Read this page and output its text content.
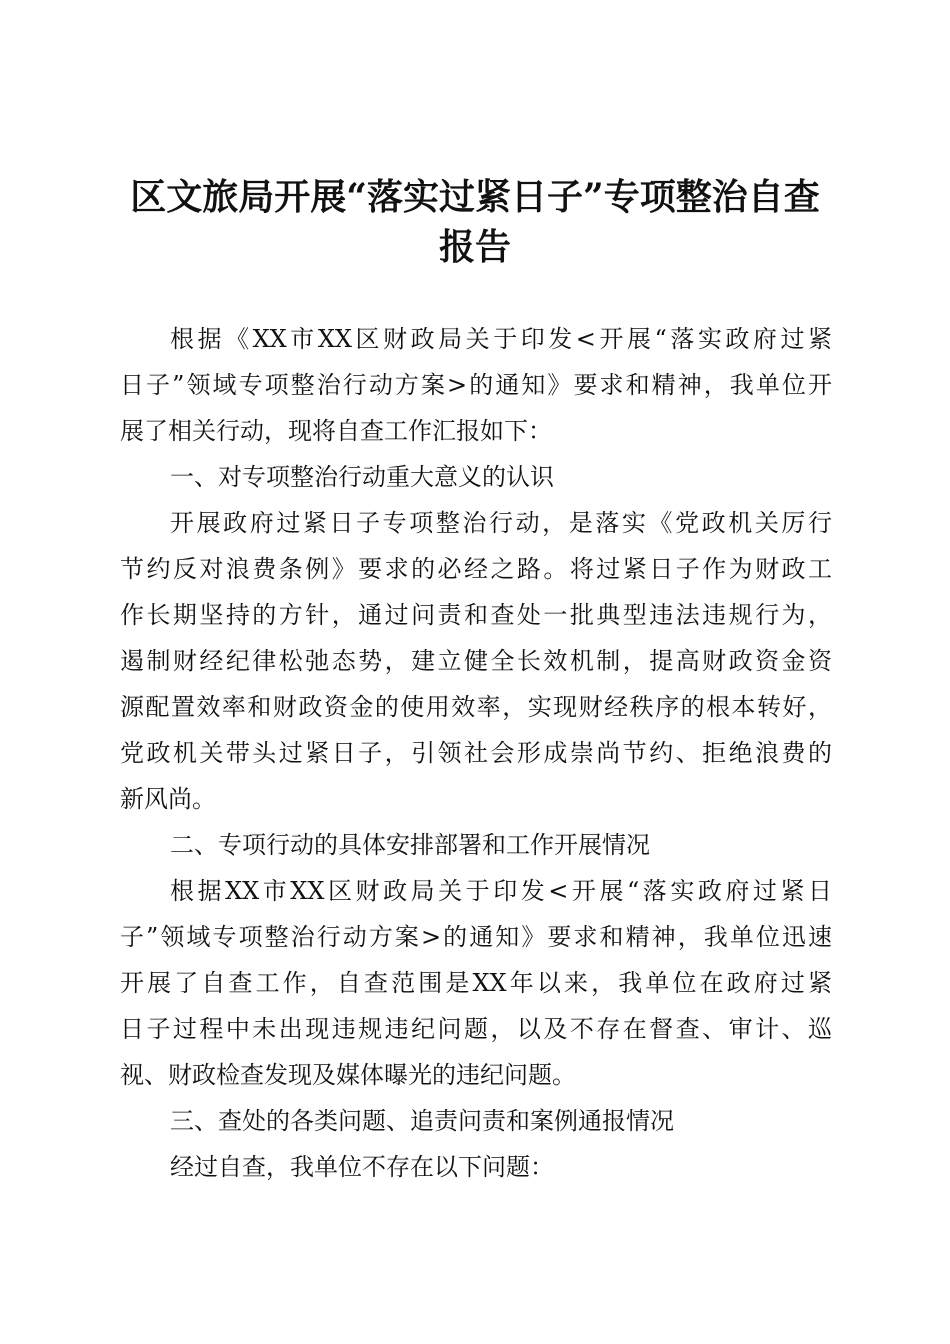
区文旅局开展“落实过紧日子”专项整治自查
报告
根据《XX市XX区财政局关于印发<开展“落实政府过紧
日子”领域专项整治行动方案>的通知》要求和精神，我单位开
展了相关行动，现将自查工作汇报如下：
一、对专项整治行动重大意义的认识
开展政府过紧日子专项整治行动，是落实《党政机关厉行
节约反对浪费条例》要求的必经之路。将过紧日子作为财政工
作长期坚持的方针，通过问责和查处一批典型违法违规行为，
遏制财经纪律松弛态势，建立健全长效机制，提高财政资金资
源配置效率和财政资金的使用效率，实现财经秩序的根本转好，
党政机关带头过紧日子，引领社会形成崇尚节约、拒绝浪费的
新风尚。
二、专项行动的具体安排部署和工作开展情况
根据XX市XX区财政局关于印发<开展“落实政府过紧日
子”领域专项整治行动方案>的通知》要求和精神，我单位迅速
开展了自查工作，自查范围是XX年以来，我单位在政府过紧
日子过程中未出现违规违纪问题，以及不存在督查、审计、巡
视、财政检查发现及媒体曝光的违纪问题。
三、查处的各类问题、追责问责和案例通报情况
经过自查，我单位不存在以下问题：
